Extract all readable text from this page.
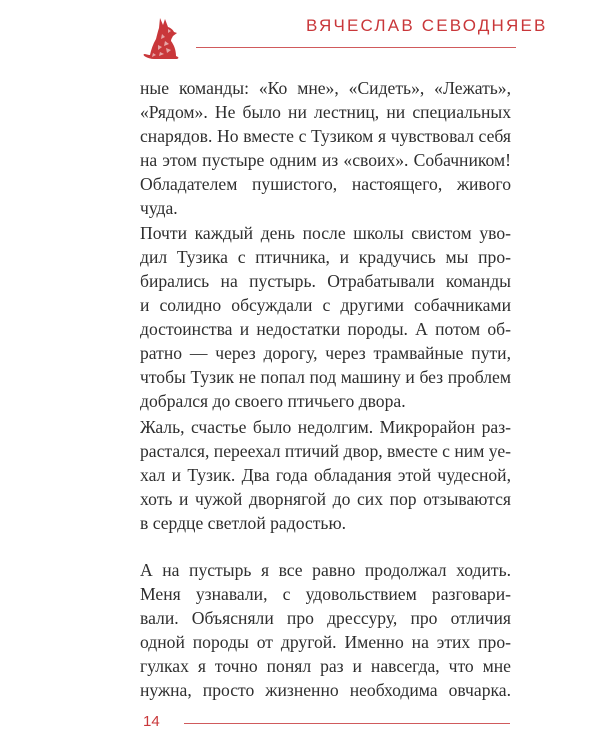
ВЯЧЕСЛАВ СЕВОДНЯЕВ
ные команды: «Ко мне», «Сидеть», «Лежать»,
«Рядом». Не было ни лестниц, ни специальных
снарядов. Но вместе с Тузиком я чувствовал себя
на этом пустыре одним из «своих». Собачником!
Обладателем пушистого, настоящего, живого
чуда.
Почти каждый день после школы свистом уво-
дил Тузика с птичника, и крадучись мы про-
бирались на пустырь. Отрабатывали команды
и солидно обсуждали с другими собачниками
достоинства и недостатки породы. А потом об-
ратно — через дорогу, через трамвайные пути,
чтобы Тузик не попал под машину и без проблем
добрался до своего птичьего двора.
Жаль, счастье было недолгим. Микрорайон раз-
растался, переехал птичий двор, вместе с ним уе-
хал и Тузик. Два года обладания этой чудесной,
хоть и чужой дворнягой до сих пор отзываются
в сердце светлой радостью.
А на пустырь я все равно продолжал ходить.
Меня узнавали, с удовольствием разговари-
вали. Объясняли про дрессуру, про отличия
одной породы от другой. Именно на этих про-
гулках я точно понял раз и навсегда, что мне
нужна, просто жизненно необходима овчарка.
14
